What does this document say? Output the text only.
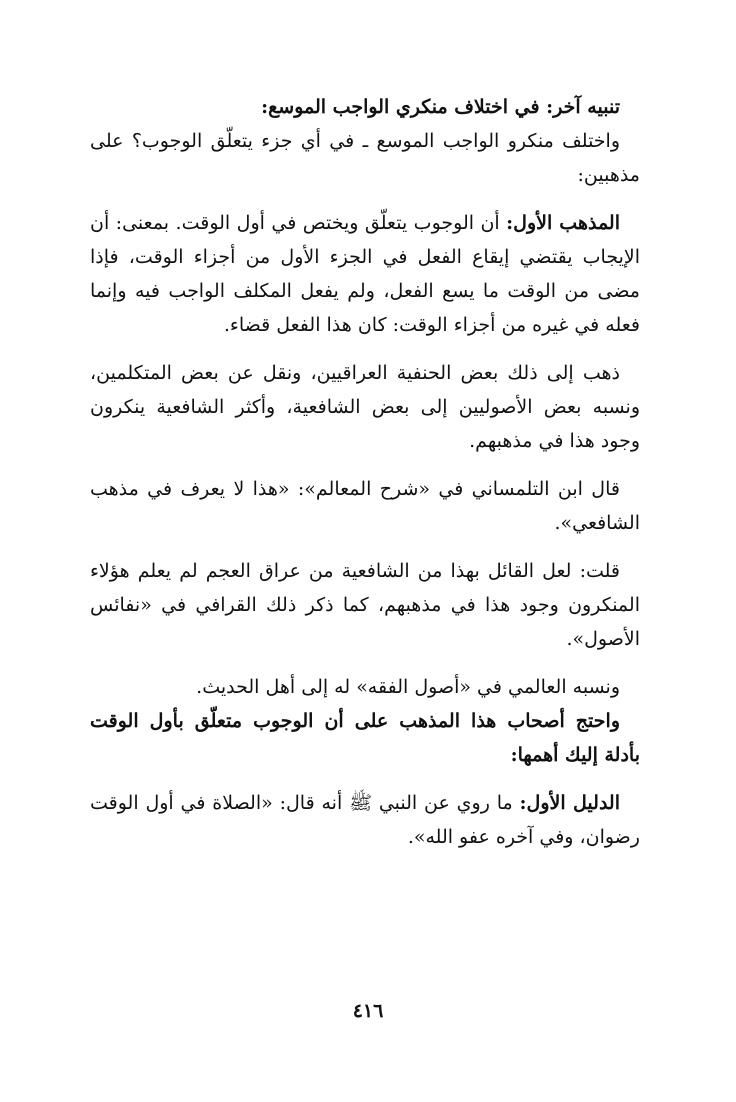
تنبيه آخر: في اختلاف منكري الواجب الموسع:

واختلف منكرو الواجب الموسع ـ في أي جزء يتعلّق الوجوب؟ على مذهبين:

المذهب الأول: أن الوجوب يتعلّق ويختص في أول الوقت. بمعنى: أن الإيجاب يقتضي إيقاع الفعل في الجزء الأول من أجزاء الوقت، فإذا مضى من الوقت ما يسع الفعل، ولم يفعل المكلف الواجب فيه وإنما فعله في غيره من أجزاء الوقت: كان هذا الفعل قضاء.

ذهب إلى ذلك بعض الحنفية العراقيين، ونقل عن بعض المتكلمين، ونسبه بعض الأصوليين إلى بعض الشافعية، وأكثر الشافعية ينكرون وجود هذا في مذهبهم.

قال ابن التلمساني في «شرح المعالم»: «هذا لا يعرف في مذهب الشافعي».

قلت: لعل القائل بهذا من الشافعية من عراق العجم لم يعلم هؤلاء المنكرون وجود هذا في مذهبهم، كما ذكر ذلك القرافي في «نفائس الأصول».

ونسبه العالمي في «أصول الفقه» له إلى أهل الحديث.

واحتج أصحاب هذا المذهب على أن الوجوب متعلّق بأول الوقت بأدلة إليك أهمها:

الدليل الأول: ما روي عن النبي ﷺ أنه قال: «الصلاة في أول الوقت رضوان، وفي آخره عفو الله».

٤١٦
